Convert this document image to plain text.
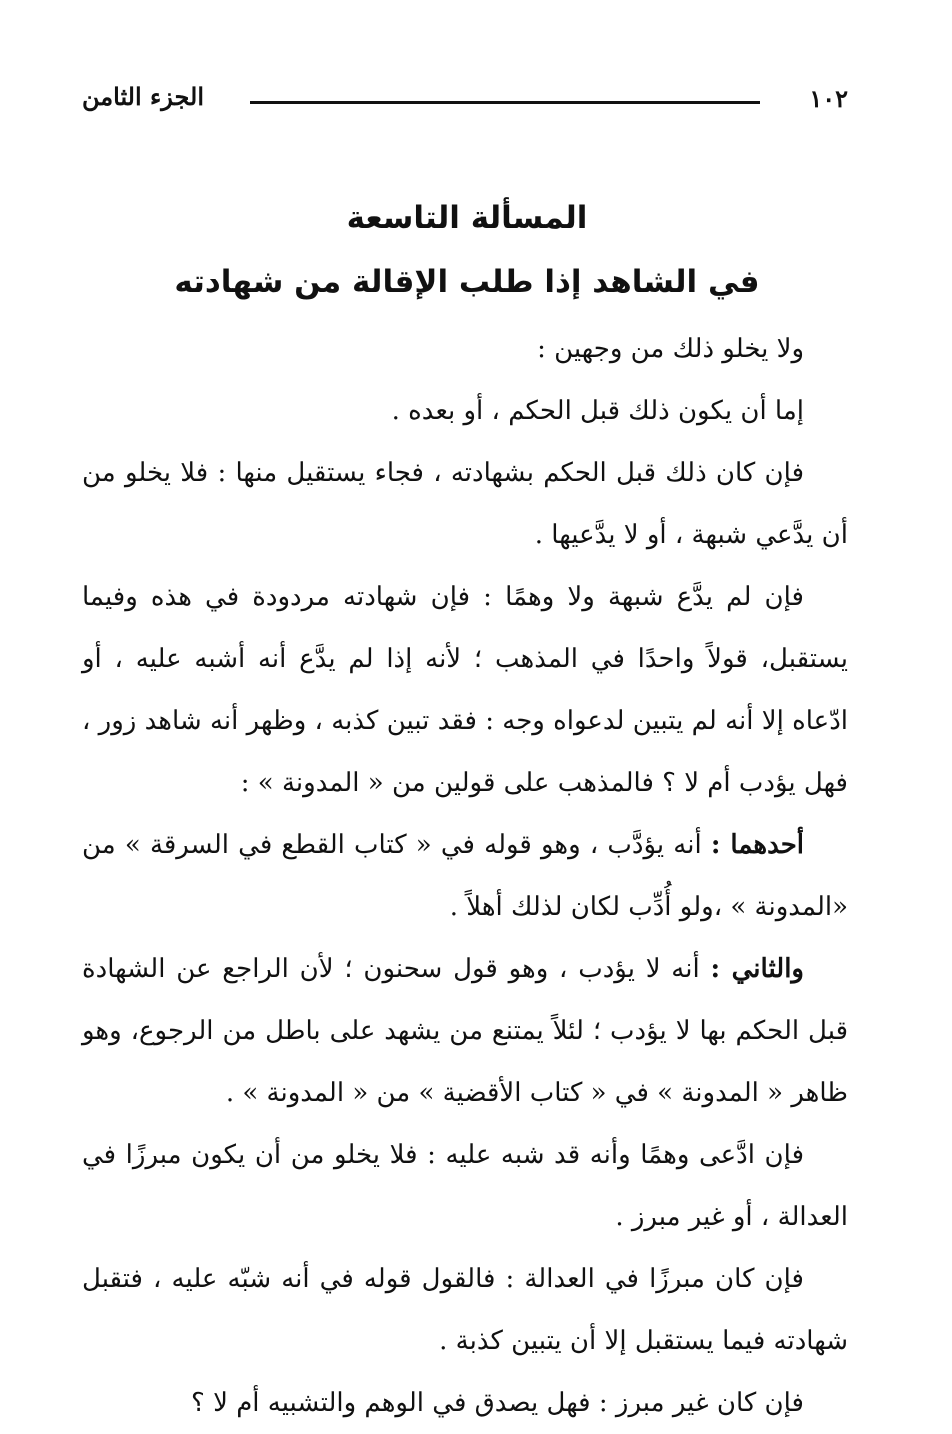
١٠٢
الجزء الثامن
المسألة التاسعة
في الشاهد إذا طلب الإقالة من شهادته

ولا يخلو ذلك من وجهين :

إما أن يكون ذلك قبل الحكم ، أو بعده .

فإن كان ذلك قبل الحكم بشهادته ، فجاء يستقيل منها : فلا يخلو من أن يدَّعي شبهة ، أو لا يدَّعيها .

فإن لم يدَّع شبهة ولا وهمًا : فإن شهادته مردودة في هذه وفيما يستقبل، قولاً واحدًا في المذهب ؛ لأنه إذا لم يدَّع أنه أشبه عليه ، أو ادّعاه إلا أنه لم يتبين لدعواه وجه : فقد تبين كذبه ، وظهر أنه شاهد زور ، فهل يؤدب أم لا ؟ فالمذهب على قولين من « المدونة » :

أحدهما : أنه يؤدَّب ، وهو قوله في « كتاب القطع في السرقة » من «المدونة » ،ولو أُدِّب لكان لذلك أهلاً .

والثاني : أنه لا يؤدب ، وهو قول سحنون ؛ لأن الراجع عن الشهادة قبل الحكم بها لا يؤدب ؛ لئلاً يمتنع من يشهد على باطل من الرجوع، وهو ظاهر « المدونة » في « كتاب الأقضية » من « المدونة » .

فإن ادَّعى وهمًا وأنه قد شبه عليه : فلا يخلو من أن يكون مبرزًا في العدالة ، أو غير مبرز .

فإن كان مبرزًا في العدالة : فالقول قوله في أنه شبّه عليه ، فتقبل شهادته فيما يستقبل إلا أن يتبين كذبة .

فإن كان غير مبرز : فهل يصدق في الوهم والتشبيه أم لا ؟
